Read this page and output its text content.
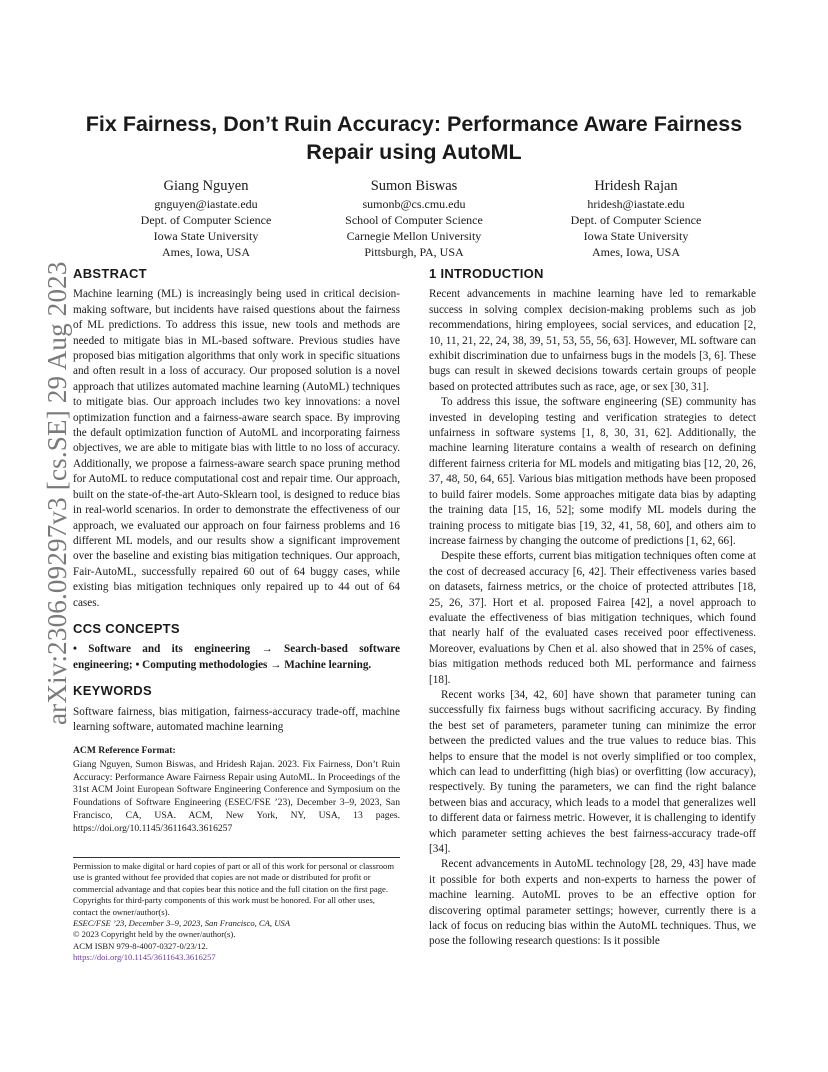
arXiv:2306.09297v3 [cs.SE] 29 Aug 2023
Fix Fairness, Don’t Ruin Accuracy: Performance Aware Fairness Repair using AutoML
Giang Nguyen
gnguyen@iastate.edu
Dept. of Computer Science
Iowa State University
Ames, Iowa, USA
Sumon Biswas
sumonb@cs.cmu.edu
School of Computer Science
Carnegie Mellon University
Pittsburgh, PA, USA
Hridesh Rajan
hridesh@iastate.edu
Dept. of Computer Science
Iowa State University
Ames, Iowa, USA
ABSTRACT

Machine learning (ML) is increasingly being used in critical decision-making software, but incidents have raised questions about the fairness of ML predictions. To address this issue, new tools and methods are needed to mitigate bias in ML-based software. Previous studies have proposed bias mitigation algorithms that only work in specific situations and often result in a loss of accuracy. Our proposed solution is a novel approach that utilizes automated machine learning (AutoML) techniques to mitigate bias. Our approach includes two key innovations: a novel optimization function and a fairness-aware search space. By improving the default optimization function of AutoML and incorporating fairness objectives, we are able to mitigate bias with little to no loss of accuracy. Additionally, we propose a fairness-aware search space pruning method for AutoML to reduce computational cost and repair time. Our approach, built on the state-of-the-art Auto-Sklearn tool, is designed to reduce bias in real-world scenarios. In order to demonstrate the effectiveness of our approach, we evaluated our approach on four fairness problems and 16 different ML models, and our results show a significant improvement over the baseline and existing bias mitigation techniques. Our approach, Fair-AutoML, successfully repaired 60 out of 64 buggy cases, while existing bias mitigation techniques only repaired up to 44 out of 64 cases.

CCS CONCEPTS

• Software and its engineering → Search-based software engineering; • Computing methodologies → Machine learning.

KEYWORDS

Software fairness, bias mitigation, fairness-accuracy trade-off, machine learning software, automated machine learning

ACM Reference Format:

Giang Nguyen, Sumon Biswas, and Hridesh Rajan. 2023. Fix Fairness, Don’t Ruin Accuracy: Performance Aware Fairness Repair using AutoML. In Proceedings of the 31st ACM Joint European Software Engineering Conference and Symposium on the Foundations of Software Engineering (ESEC/FSE ’23), December 3–9, 2023, San Francisco, CA, USA. ACM, New York, NY, USA, 13 pages. https://doi.org/10.1145/3611643.3616257

Permission to make digital or hard copies of part or all of this work for personal or classroom use is granted without fee provided that copies are not made or distributed for profit or commercial advantage and that copies bear this notice and the full citation on the first page. Copyrights for third-party components of this work must be honored. For all other uses, contact the owner/author(s).
ESEC/FSE ’23, December 3–9, 2023, San Francisco, CA, USA
© 2023 Copyright held by the owner/author(s).
ACM ISBN 979-8-4007-0327-0/23/12.
https://doi.org/10.1145/3611643.3616257
1 INTRODUCTION

Recent advancements in machine learning have led to remarkable success in solving complex decision-making problems such as job recommendations, hiring employees, social services, and education [2, 10, 11, 21, 22, 24, 38, 39, 51, 53, 55, 56, 63]. However, ML software can exhibit discrimination due to unfairness bugs in the models [3, 6]. These bugs can result in skewed decisions towards certain groups of people based on protected attributes such as race, age, or sex [30, 31].

To address this issue, the software engineering (SE) community has invested in developing testing and verification strategies to detect unfairness in software systems [1, 8, 30, 31, 62]. Additionally, the machine learning literature contains a wealth of research on defining different fairness criteria for ML models and mitigating bias [12, 20, 26, 37, 48, 50, 64, 65]. Various bias mitigation methods have been proposed to build fairer models. Some approaches mitigate data bias by adapting the training data [15, 16, 52]; some modify ML models during the training process to mitigate bias [19, 32, 41, 58, 60], and others aim to increase fairness by changing the outcome of predictions [1, 62, 66].

Despite these efforts, current bias mitigation techniques often come at the cost of decreased accuracy [6, 42]. Their effectiveness varies based on datasets, fairness metrics, or the choice of protected attributes [18, 25, 26, 37]. Hort et al. proposed Fairea [42], a novel approach to evaluate the effectiveness of bias mitigation techniques, which found that nearly half of the evaluated cases received poor effectiveness. Moreover, evaluations by Chen et al. also showed that in 25% of cases, bias mitigation methods reduced both ML performance and fairness [18].

Recent works [34, 42, 60] have shown that parameter tuning can successfully fix fairness bugs without sacrificing accuracy. By finding the best set of parameters, parameter tuning can minimize the error between the predicted values and the true values to reduce bias. This helps to ensure that the model is not overly simplified or too complex, which can lead to underfitting (high bias) or overfitting (low accuracy), respectively. By tuning the parameters, we can find the right balance between bias and accuracy, which leads to a model that generalizes well to different data or fairness metric. However, it is challenging to identify which parameter setting achieves the best fairness-accuracy trade-off [34].

Recent advancements in AutoML technology [28, 29, 43] have made it possible for both experts and non-experts to harness the power of machine learning. AutoML proves to be an effective option for discovering optimal parameter settings; however, currently there is a lack of focus on reducing bias within the AutoML techniques. Thus, we pose the following research questions: Is it possible
